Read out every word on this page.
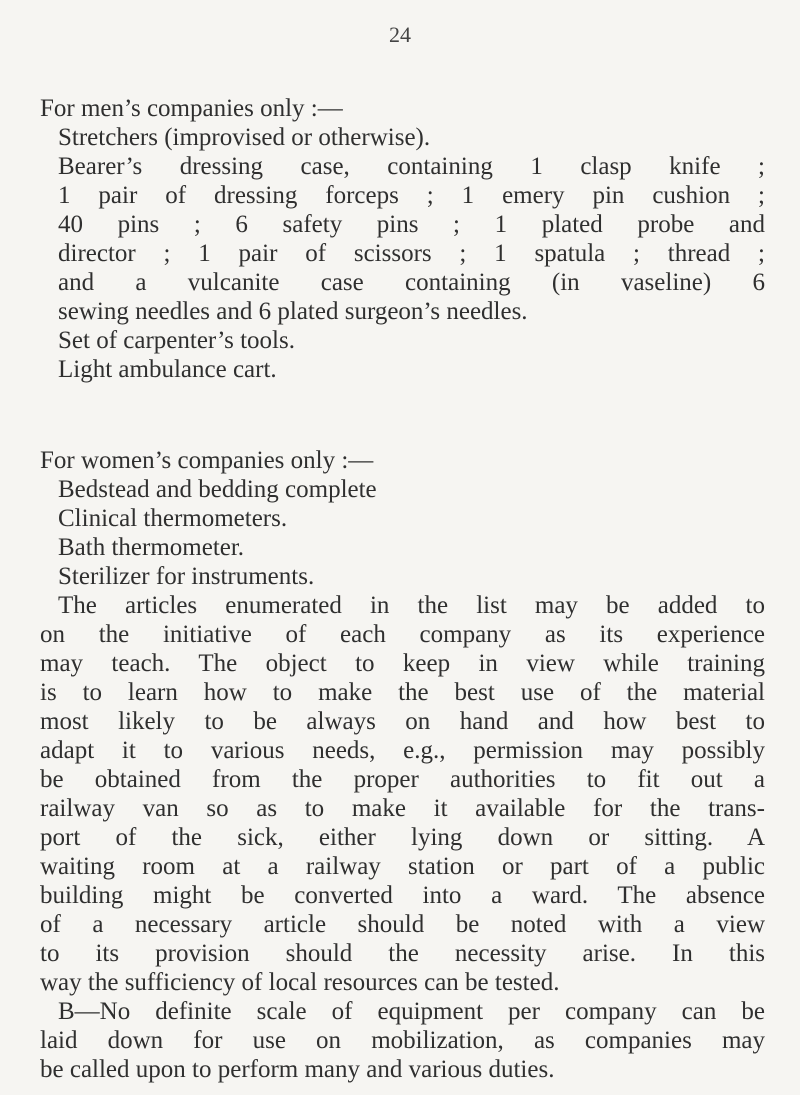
24

For men’s companies only :—

Stretchers (improvised or otherwise).
Bearer’s dressing case, containing 1 clasp knife ;
1 pair of dressing forceps ; 1 emery pin cushion ;
40 pins ; 6 safety pins ; 1 plated probe and
director ; 1 pair of scissors ; 1 spatula ; thread ;
and a vulcanite case containing (in vaseline) 6
sewing needles and 6 plated surgeon’s needles.
Set of carpenter’s tools.
Light ambulance cart.

For women’s companies only :—

Bedstead and bedding complete
Clinical thermometers.
Bath thermometer.
Sterilizer for instruments.
The articles enumerated in the list may be added to
on the initiative of each company as its experience
may teach. The object to keep in view while training
is to learn how to make the best use of the material
most likely to be always on hand and how best to
adapt it to various needs, e.g., permission may possibly
be obtained from the proper authorities to fit out a
railway van so as to make it available for the trans-
port of the sick, either lying down or sitting. A
waiting room at a railway station or part of a public
building might be converted into a ward. The absence
of a necessary article should be noted with a view
to its provision should the necessity arise. In this
way the sufficiency of local resources can be tested.
B—No definite scale of equipment per company can be
laid down for use on mobilization, as companies may
be called upon to perform many and various duties.
